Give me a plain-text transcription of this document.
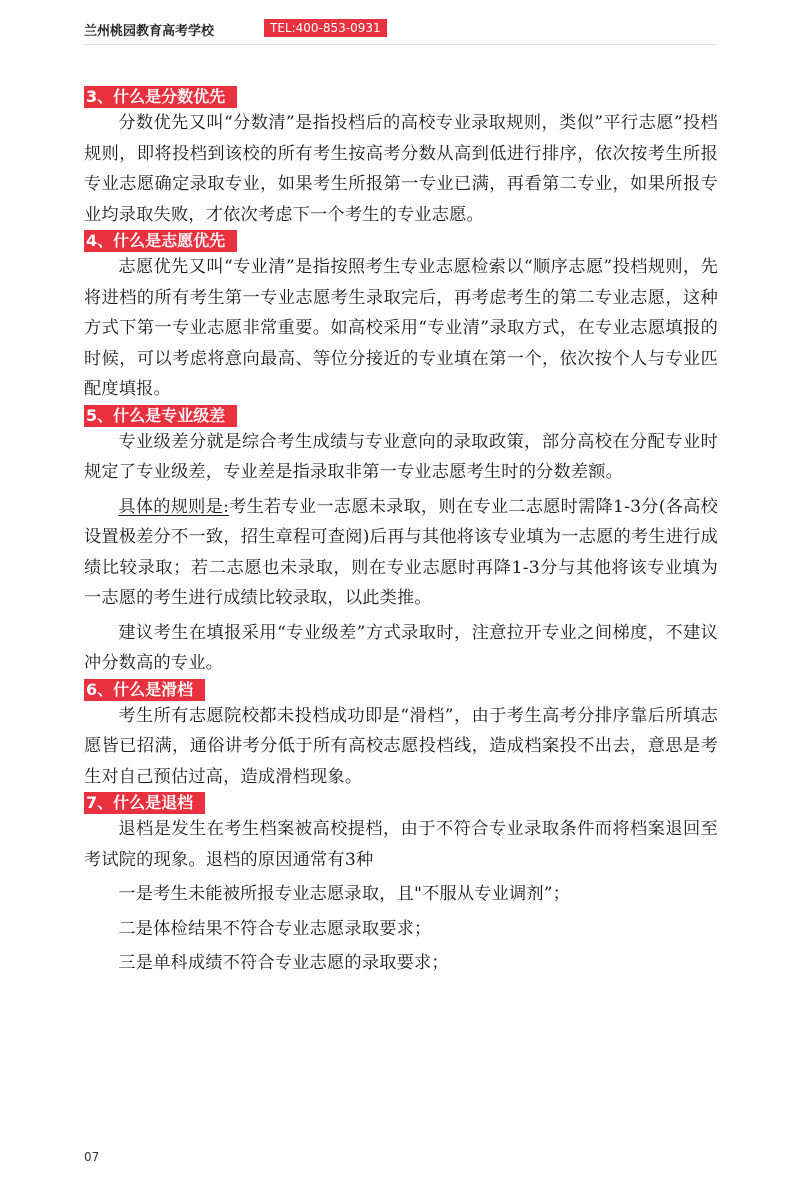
兰州桃园教育高考学校	TEL:400-853-0931
3、什么是分数优先

分数优先又叫“分数清”是指投档后的高校专业录取规则，类似”平行志愿”投档规则，即将投档到该校的所有考生按高考分数从高到低进行排序，依次按考生所报专业志愿确定录取专业，如果考生所报第一专业已满，再看第二专业，如果所报专业均录取失败，才依次考虑下一个考生的专业志愿。

4、什么是志愿优先

志愿优先又叫“专业清”是指按照考生专业志愿检索以“顺序志愿”投档规则，先将进档的所有考生第一专业志愿考生录取完后，再考虑考生的第二专业志愿，这种方式下第一专业志愿非常重要。如高校采用“专业清”录取方式，在专业志愿填报的时候，可以考虑将意向最高、等位分接近的专业填在第一个，依次按个人与专业匹配度填报。

5、什么是专业级差

专业级差分就是综合考生成绩与专业意向的录取政策，部分高校在分配专业时规定了专业级差，专业差是指录取非第一专业志愿考生时的分数差额。

具体的规则是:考生若专业一志愿未录取，则在专业二志愿时需降1-3分(各高校设置极差分不一致，招生章程可查阅)后再与其他将该专业填为一志愿的考生进行成绩比较录取；若二志愿也未录取，则在专业志愿时再降1-3分与其他将该专业填为一志愿的考生进行成绩比较录取，以此类推。

建议考生在填报采用“专业级差”方式录取时，注意拉开专业之间梯度，不建议冲分数高的专业。

6、什么是滑档

考生所有志愿院校都未投档成功即是“滑档”，由于考生高考分排序靠后所填志愿皆已招满，通俗讲考分低于所有高校志愿投档线，造成档案投不出去，意思是考生对自己预估过高，造成滑档现象。

7、什么是退档

退档是发生在考生档案被高校提档，由于不符合专业录取条件而将档案退回至考试院的现象。退档的原因通常有3种

一是考生未能被所报专业志愿录取，且"不服从专业调剂”；

二是体检结果不符合专业志愿录取要求；

三是单科成绩不符合专业志愿的录取要求；

07
